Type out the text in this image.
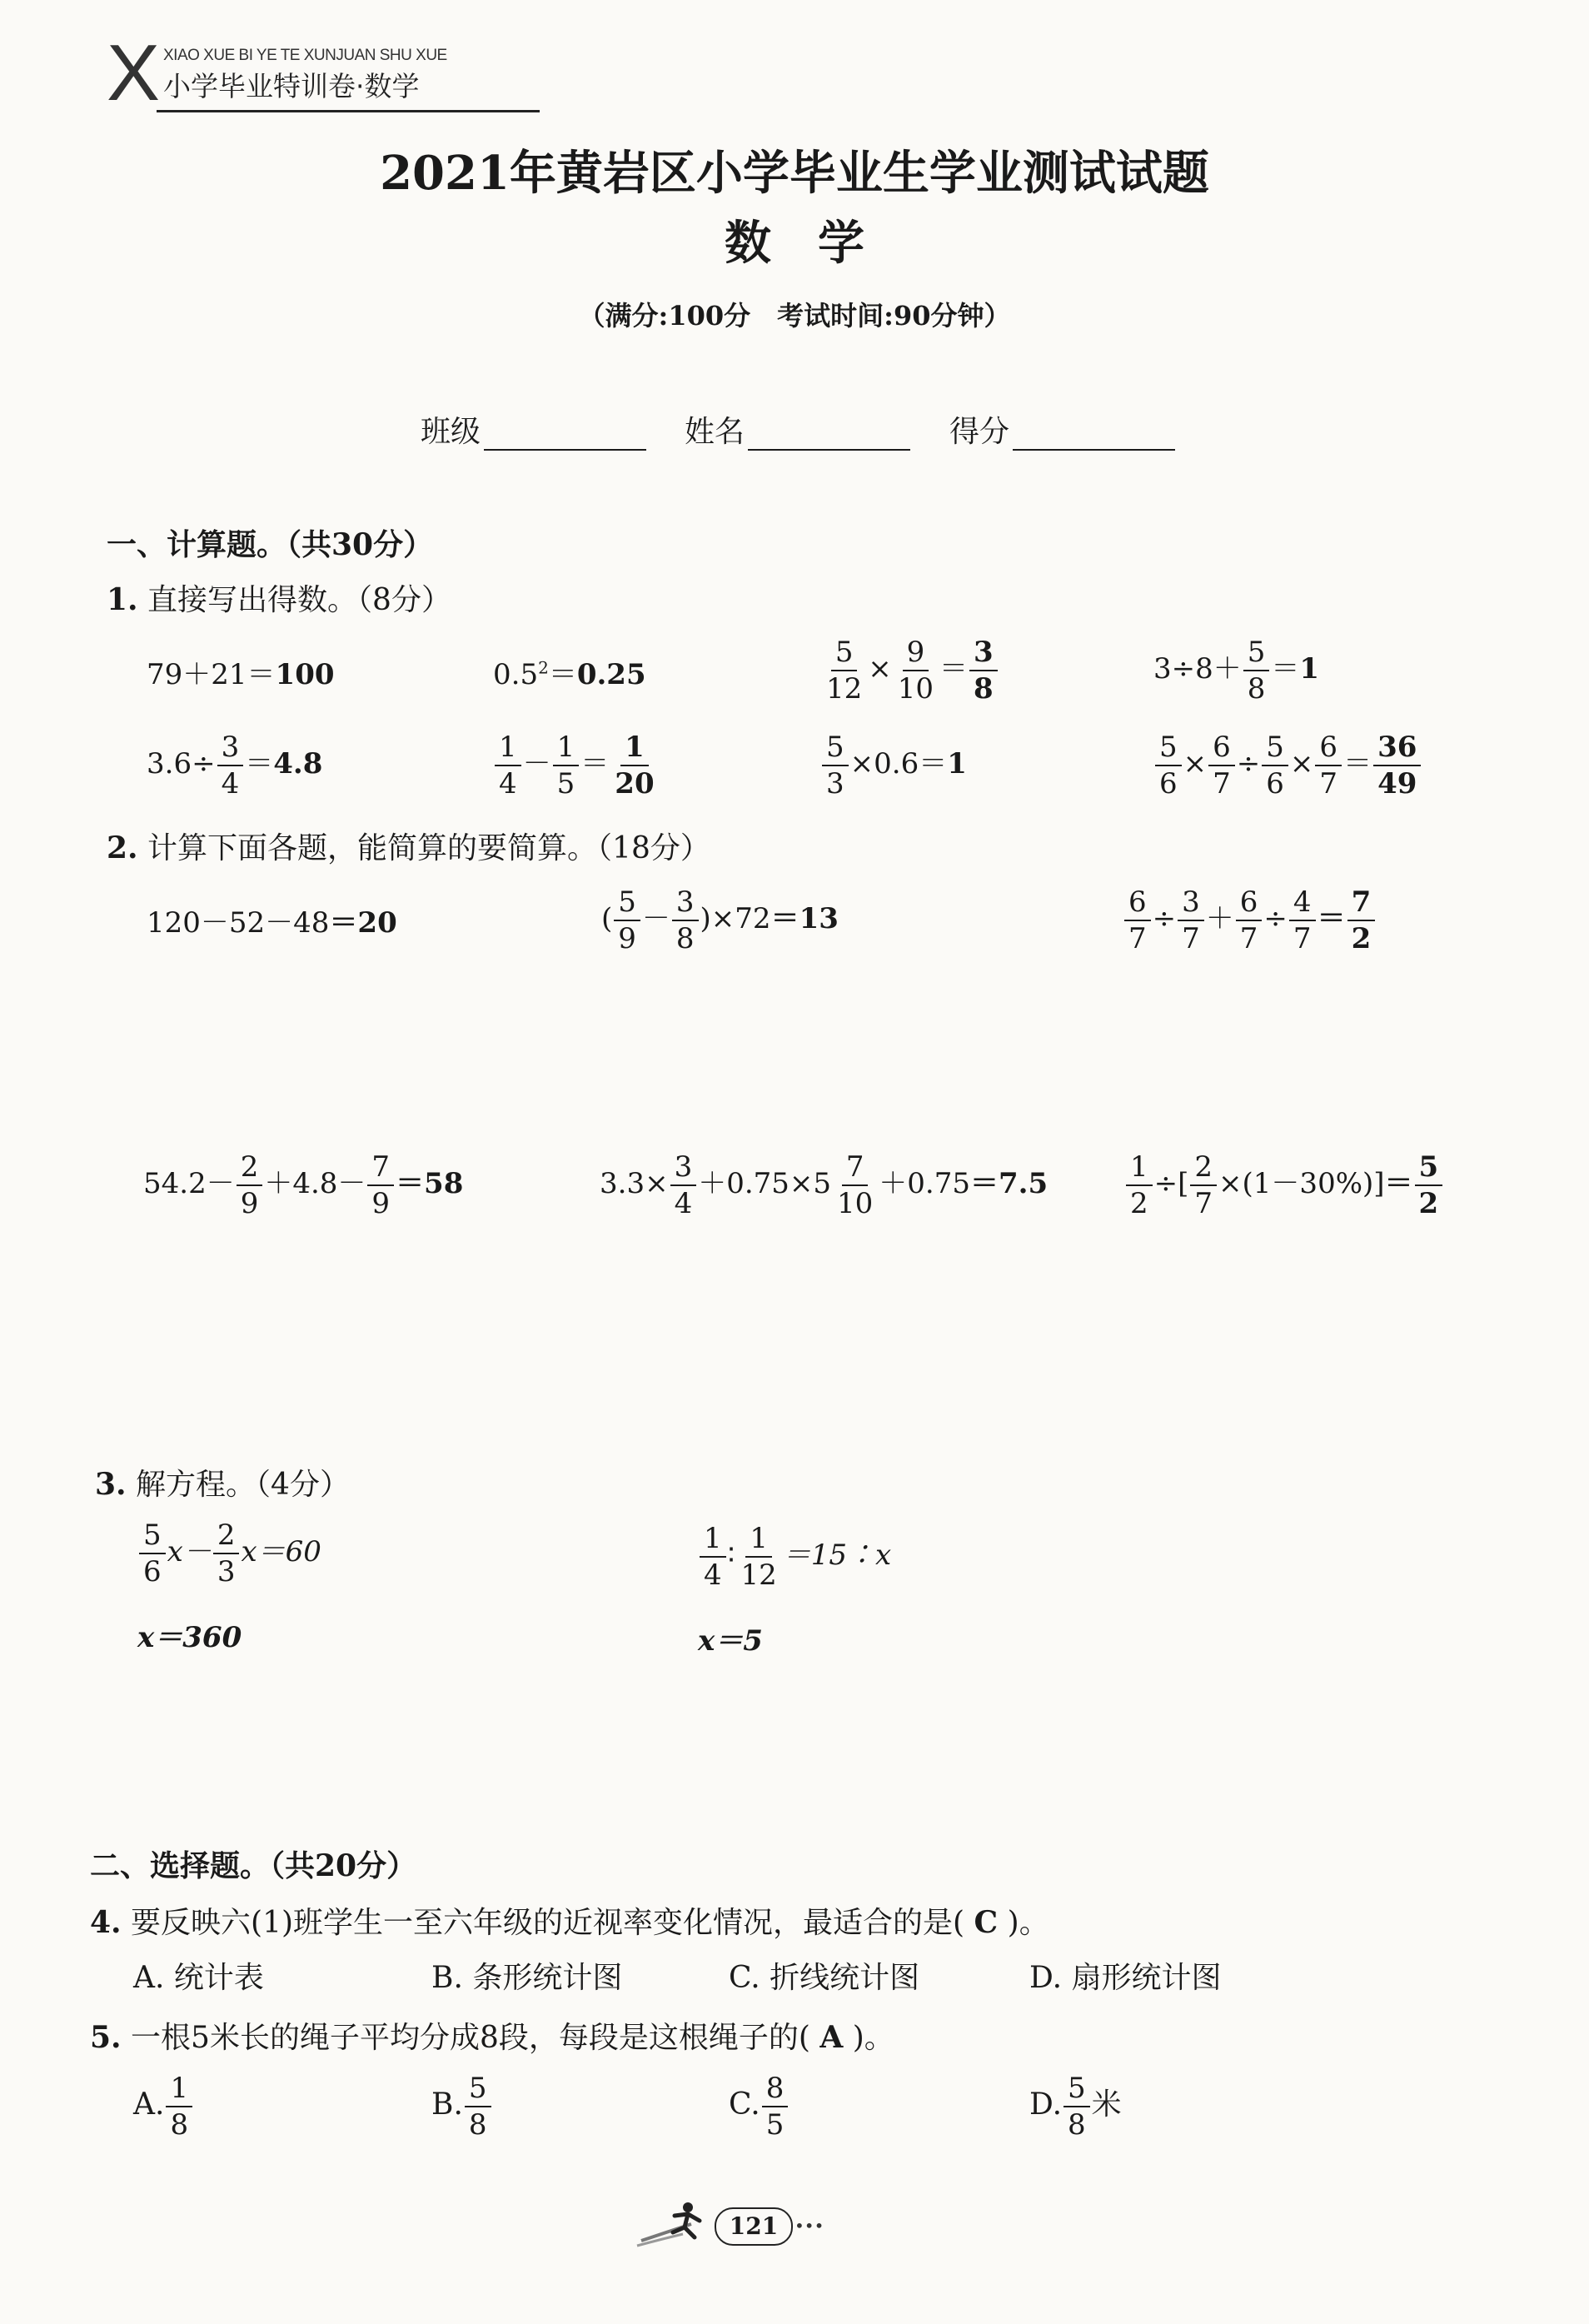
X XIAO XUE BI YE TE XUNJUAN SHU XUE
小学毕业特训卷·数学
2021年黄岩区小学毕业生学业测试试题
数　学
（满分:100分　考试时间:90分钟）
班级	姓名	得分
一、计算题。（共30分）
1. 直接写出得数。（8分）
79＋21＝100	$0.5^2=0.25$	$\frac{5}{12} \times \frac{9}{10} = \frac{3}{8}$	$3\div 8+ \frac{5}{8} =1$
$3.6\div \frac{3}{4} =4.8$	$\frac{1}{4} - \frac{1}{5} = \frac{1}{20}$	$\frac{5}{3} \times 0.6=1$	$\frac{5}{6} \times \frac{6}{7} \div \frac{5}{6} \times \frac{6}{7} = \frac{36}{49}$
2. 计算下面各题，能简算的要简算。（18分）
120－52－48＝20	( $\frac{5}{9} - \frac{3}{8} )\times 72=13$	$\frac{6}{7} \div \frac{3}{7} + \frac{6}{7} \div \frac{4}{7} = \frac{7}{2}$
$54.2- \frac{2}{9} +4.8- \frac{7}{9} =58$	$3.3\times \frac{3}{4} +0.75\times 5 \frac{7}{10} +0.75=7.5$	$\frac{1}{2}$ ÷[ $\frac{2}{7} \times(1-30\%)]= \frac{5}{2}$
3. 解方程。（4分）
$\frac{5}{6} x- \frac{2}{3} x=60$
x＝360
$\frac{1}{4}$ ∶ $\frac{1}{12}$ ＝15∶x
x＝5
二、选择题。（共20分）
4. 要反映六(1)班学生一至六年级的近视率变化情况，最适合的是( C )。
A. 统计表	B. 条形统计图	C. 折线统计图	D. 扇形统计图
5. 一根5米长的绳子平均分成8段，每段是这根绳子的( A )。
A. $\frac{1}{8}$	B. $\frac{5}{8}$	C. $\frac{8}{5}$	D. $\frac{5}{8}$ 米
121 •••
